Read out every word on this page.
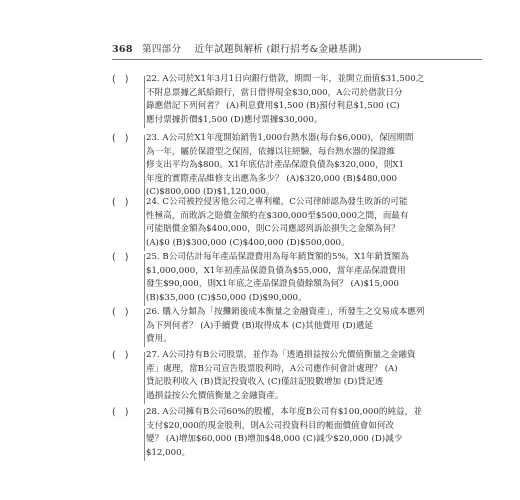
368 第四部分 近年試題與解析 (銀行招考&金融基測)
(   )	22. A公司於X1年3月1日向銀行借款，期間一年，並開立面值$31,500之
不附息票據乙紙給銀行，當日借得現金$30,000，A公司於借款日分
錄應借記下列何者？ (A)利息費用$1,500 (B)預付利息$1,500 (C)
應付票據折價$1,500 (D)應付票據$30,000。
(   )	23. A公司於X1年度開始銷售1,000台熱水器(每台$6,000)，保固期間
為一年，屬於保證型之保固，依據以往經驗，每台熱水器的保證維
修支出平均為$800。X1年底估計產品保證負債為$320,000，則X1
年度的實際產品維修支出應為多少？ (A)$320,000 (B)$480,000
(C)$800,000 (D)$1,120,000。
(   )	24. C公司被控侵害他公司之專利權，C公司律師認為發生敗訴的可能
性極高，而敗訴之賠償金額約在$300,000至$500,000之間，而最有
可能賠償金額為$400,000，則C公司應認列訴訟損失之金額為何？
(A)$0 (B)$300,000 (C)$400,000 (D)$500,000。
(   )	25. B公司估計每年產品保證費用為每年銷貨額的5%，X1年銷貨額為
$1,000,000，X1年初產品保證負債為$55,000，當年產品保證費用
發生$90,000，則X1年底之產品保證負債餘額為何？ (A)$15,000
(B)$35,000 (C)$50,000 (D)$90,000。
(   )	26. 購入分類為「按攤銷後成本衡量之金融資產」，所發生之交易成本應列
為下列何者？ (A)手續費 (B)取得成本 (C)其他費用 (D)遞延
費用。
(   )	27. A公司持有B公司股票，並作為「透過損益按公允價值衡量之金融資
產」處理，當B公司宣告股票股利時，A公司應作何會計處理？ (A)
貸記股利收入 (B)貸記投資收入 (C)僅註記股數增加 (D)貸記透
過損益按公允價值衡量之金融資產。
(   )	28. A公司擁有B公司60%的股權，本年度B公司有$100,000的純益，並
支付$20,000的現金股利，則A公司投資科目的帳面價值會如何改
變？ (A)增加$60,000 (B)增加$48,000 (C)減少$20,000 (D)減少
$12,000。
